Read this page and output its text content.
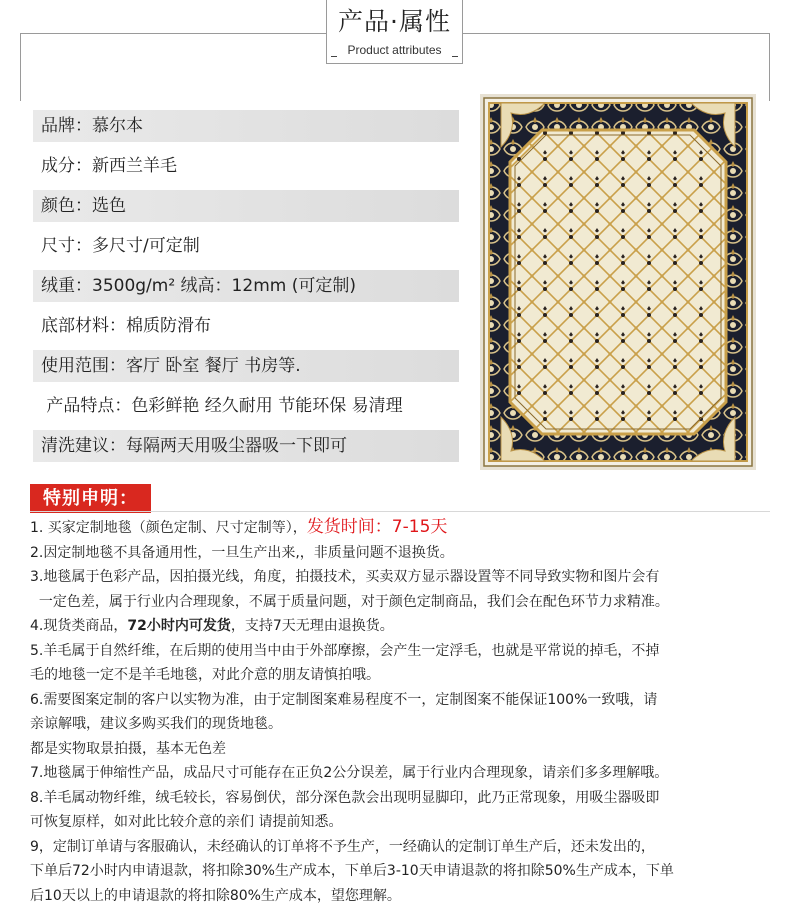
产品·属性
Product attributes
品牌：慕尔本
成分：新西兰羊毛
颜色：选色
尺寸：多尺寸/可定制
绒重：3500g/m² 绒高：12mm (可定制)
底部材料：棉质防滑布
使用范围：客厅 卧室 餐厅 书房等.
产品特点：色彩鲜艳 经久耐用 节能环保 易清理
清洗建议：每隔两天用吸尘器吸一下即可
特别申明：

1. 买家定制地毯（颜色定制、尺寸定制等），发货时间：7-15天

2.因定制地毯不具备通用性，一旦生产出来,，非质量问题不退换货。

3.地毯属于色彩产品，因拍摄光线，角度，拍摄技术，买卖双方显示器设置等不同导致实物和图片会有

一定色差，属于行业内合理现象，不属于质量问题，对于颜色定制商品，我们会在配色环节力求精准。

4.现货类商品，72小时内可发货，支持7天无理由退换货。

5.羊毛属于自然纤维，在后期的使用当中由于外部摩擦，会产生一定浮毛，也就是平常说的掉毛，不掉

毛的地毯一定不是羊毛地毯，对此介意的朋友请慎拍哦。

6.需要图案定制的客户以实物为准，由于定制图案难易程度不一，定制图案不能保证100%一致哦，请

亲谅解哦，建议多购买我们的现货地毯。

都是实物取景拍摄，基本无色差

7.地毯属于伸缩性产品，成品尺寸可能存在正负2公分误差，属于行业内合理现象，请亲们多多理解哦。

8.羊毛属动物纤维，绒毛较长，容易倒伏，部分深色款会出现明显脚印，此乃正常现象，用吸尘器吸即

可恢复原样，如对此比较介意的亲们 请提前知悉。

9，定制订单请与客服确认，未经确认的订单将不予生产，一经确认的定制订单生产后，还未发出的，

下单后72小时内申请退款，将扣除30%生产成本，下单后3-10天申请退款的将扣除50%生产成本，下单

后10天以上的申请退款的将扣除80%生产成本，望您理解。
